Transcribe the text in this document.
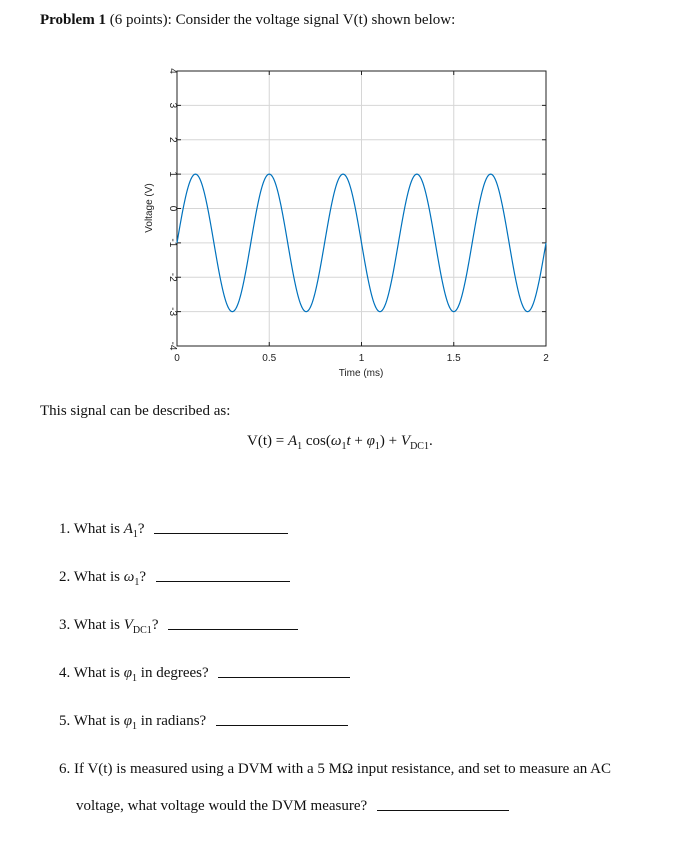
Problem 1 (6 points): Consider the voltage signal V(t) shown below:
0	0.5	1	1.5	2
-4
-3
-2
-1
0
1
2
3
4
Time (ms)
Voltage (V)
This signal can be described as:
$V(t) = A_1$ $\cos(\omega_1t + \varphi_1) + V_{DC1}$.
1. What is $A_1$?
2. What is $\omega_1$?
3. What is $V_{DC1}$?
4. What is $\varphi_1$ in degrees?
5. What is $\varphi_1$ in radians?
6. If V(t) is measured using a DVM with a 5 MΩ input resistance, and set to measure an AC
voltage, what voltage would the DVM measure?
